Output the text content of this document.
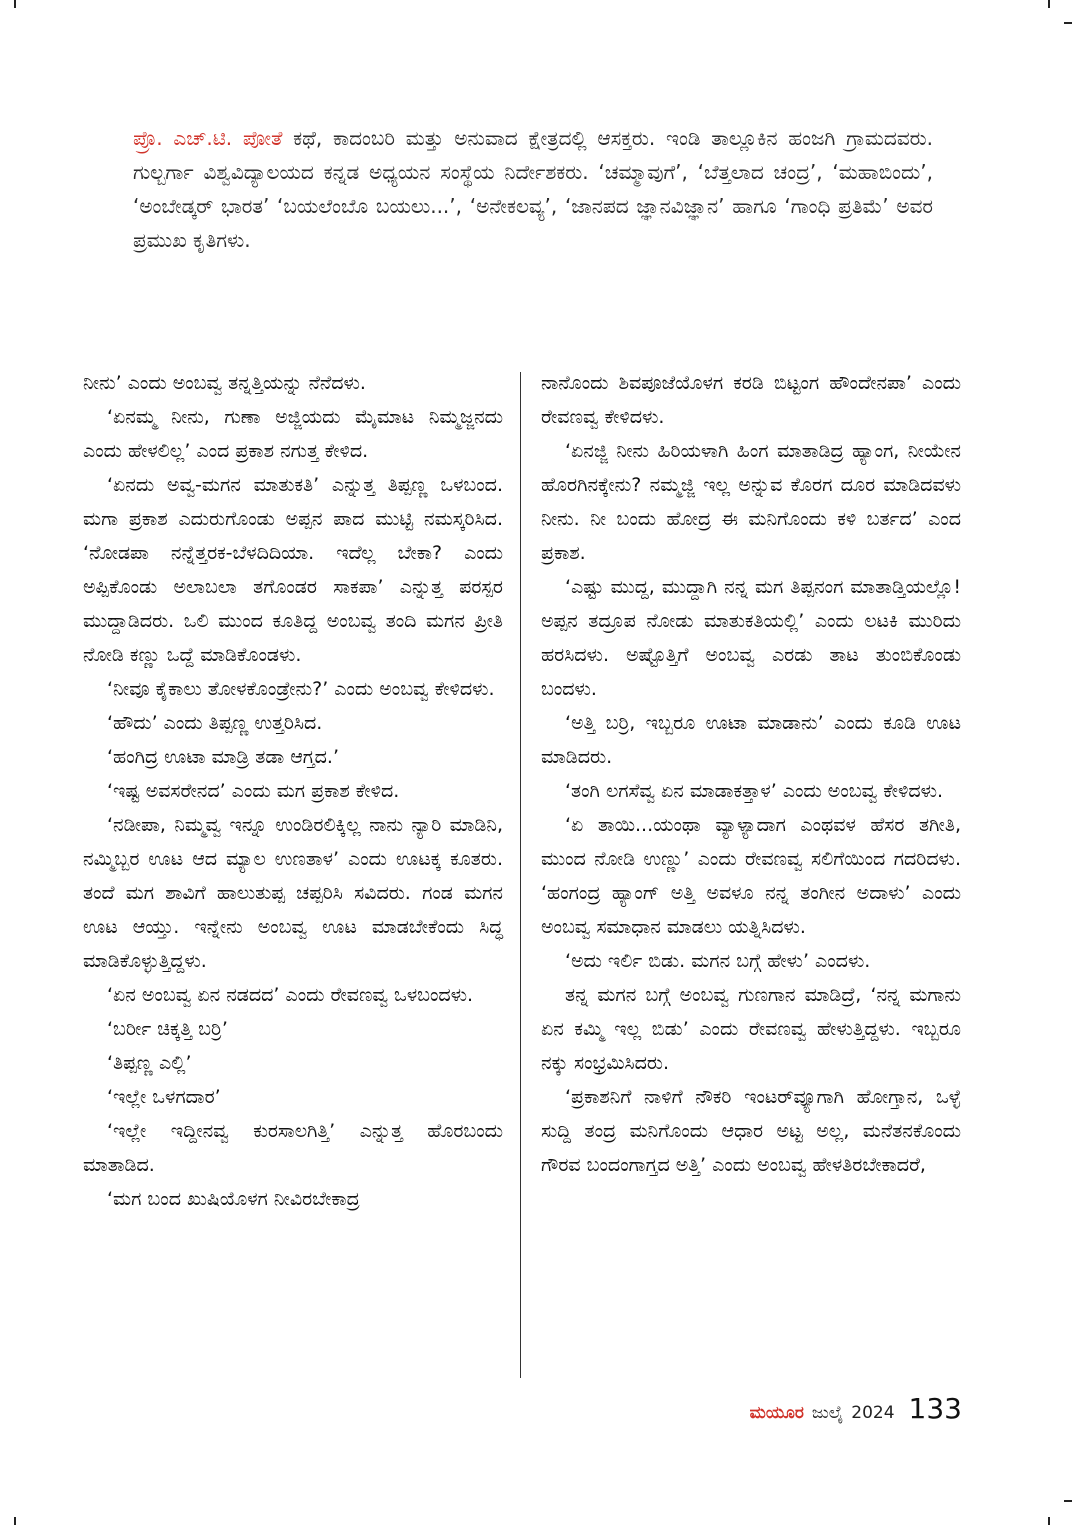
ಪ್ರೊ. ಎಚ್.ಟಿ. ಪೋತೆ ಕಥೆ, ಕಾದಂಬರಿ ಮತ್ತು ಅನುವಾದ ಕ್ಷೇತ್ರದಲ್ಲಿ ಆಸಕ್ತರು. ಇಂಡಿ ತಾಲ್ಲೂಕಿನ ಹಂಜಗಿ ಗ್ರಾಮದವರು. ಗುಲ್ಬರ್ಗಾ ವಿಶ್ವವಿದ್ಯಾಲಯದ ಕನ್ನಡ ಅಧ್ಯಯನ ಸಂಸ್ಥೆಯ ನಿರ್ದೇಶಕರು. ‘ಚಮ್ಮಾವುಗೆ’, ‘ಬೆತ್ತಲಾದ ಚಂದ್ರ’, ‘ಮಹಾಬಿಂದು’, ‘ಅಂಬೇಡ್ಕರ್ ಭಾರತ’ ‘ಬಯಲೆಂಬೊ ಬಯಲು...’, ‘ಅನೇಕಲವ್ಯ’, ‘ಜಾನಪದ ಜ್ಞಾನವಿಜ್ಞಾನ’ ಹಾಗೂ ‘ಗಾಂಧಿ ಪ್ರತಿಮೆ’ ಅವರ ಪ್ರಮುಖ ಕೃತಿಗಳು.

ನೀನು’ ಎಂದು ಅಂಬವ್ವ ತನ್ನತ್ತಿಯನ್ನು ನೆನೆದಳು.

‘ಏನಮ್ಮ ನೀನು, ಗುಣಾ ಅಜ್ಜಿಯದು ಮೈಮಾಟ ನಿಮ್ಮಜ್ಜನದು ಎಂದು ಹೇಳಲಿಲ್ಲ’ ಎಂದ ಪ್ರಕಾಶ ನಗುತ್ತ ಕೇಳಿದ.

‘ಏನದು ಅವ್ವ-ಮಗನ ಮಾತುಕತಿ’ ಎನ್ನುತ್ತ ತಿಪ್ಪಣ್ಣ ಒಳಬಂದ. ಮಗಾ ಪ್ರಕಾಶ ಎದುರುಗೊಂಡು ಅಪ್ಪನ ಪಾದ ಮುಟ್ಟಿ ನಮಸ್ಕರಿಸಿದ. ‘ನೋಡಪಾ ನನ್ನೆತ್ತರಕ-ಬೆಳದಿದಿಯಾ. ಇದೆಲ್ಲ ಬೇಕಾ? ಎಂದು ಅಪ್ಪಿಕೊಂಡು ಅಲಾಬಲಾ ತಗೊಂಡರ ಸಾಕಪಾ’ ಎನ್ನುತ್ತ ಪರಸ್ಪರ ಮುದ್ದಾಡಿದರು. ಒಲಿ ಮುಂದ ಕೂತಿದ್ದ ಅಂಬವ್ವ ತಂದಿ ಮಗನ ಪ್ರೀತಿ ನೋಡಿ ಕಣ್ಣು ಒದ್ದೆ ಮಾಡಿಕೊಂಡಳು.

‘ನೀವೂ ಕೈಕಾಲು ತೋಳಕೊಂಡ್ರೇನು?’ ಎಂದು ಅಂಬವ್ವ ಕೇಳಿದಳು.

‘ಹೌದು’ ಎಂದು ತಿಪ್ಪಣ್ಣ ಉತ್ತರಿಸಿದ.

‘ಹಂಗಿದ್ರ ಊಟಾ ಮಾಡ್ರಿ ತಡಾ ಆಗ್ತದ.’

‘ಇಷ್ಟ ಅವಸರೇನದ’ ಎಂದು ಮಗ ಪ್ರಕಾಶ ಕೇಳಿದ.

‘ನಡೀಪಾ, ನಿಮ್ಮವ್ವ ಇನ್ನೂ ಉಂಡಿರಲಿಕ್ಕಿಲ್ಲ ನಾನು ನ್ಯಾರಿ ಮಾಡಿನಿ, ನಮ್ಮಿಬ್ಬರ ಊಟ ಆದ ಮ್ಯಾಲ ಉಣತಾಳ’ ಎಂದು ಊಟಕ್ಕ ಕೂತರು. ತಂದೆ ಮಗ ಶಾವಿಗೆ ಹಾಲುತುಪ್ಪ ಚಪ್ಪರಿಸಿ ಸವಿದರು. ಗಂಡ ಮಗನ ಊಟ ಆಯ್ತು. ಇನ್ನೇನು ಅಂಬವ್ವ ಊಟ ಮಾಡಬೇಕೆಂದು ಸಿದ್ಧ ಮಾಡಿಕೊಳ್ಳುತ್ತಿದ್ದಳು.

‘ಏನ ಅಂಬವ್ವ ಏನ ನಡದದ’ ಎಂದು ರೇವಣವ್ವ ಒಳಬಂದಳು.

‘ಬರ್ರೀ ಚಿಕ್ಕತ್ತಿ ಬರ್ರಿ’

‘ತಿಪ್ಪಣ್ಣ ಎಲ್ಲಿ’

‘ಇಲ್ಲೇ ಒಳಗದಾರ’

‘ಇಲ್ಲೇ ಇದ್ದೀನವ್ವ ಕುರಸಾಲಗಿತ್ತಿ’ ಎನ್ನುತ್ತ ಹೊರಬಂದು ಮಾತಾಡಿದ.

‘ಮಗ ಬಂದ ಖುಷಿಯೊಳಗ ನೀವಿರಬೇಕಾದ್ರ

ನಾನೊಂದು ಶಿವಪೂಜೆಯೊಳಗ ಕರಡಿ ಬಿಟ್ಟಂಗ ಹೌಂದೇನಪಾ’ ಎಂದು ರೇವಣವ್ವ ಕೇಳಿದಳು.

‘ಏನಜ್ಜಿ ನೀನು ಹಿರಿಯಳಾಗಿ ಹಿಂಗ ಮಾತಾಡಿದ್ರ ಹ್ಯಾಂಗ, ನೀಯೇನ ಹೊರಗಿನಕ್ಕೇನು? ನಮ್ಮಜ್ಜಿ ಇಲ್ಲ ಅನ್ನುವ ಕೊರಗ ದೂರ ಮಾಡಿದವಳು ನೀನು. ನೀ ಬಂದು ಹೋದ್ರ ಈ ಮನಿಗೊಂದು ಕಳಿ ಬರ್ತದ’ ಎಂದ ಪ್ರಕಾಶ.

‘ಎಷ್ಟು ಮುದ್ದ, ಮುದ್ದಾಗಿ ನನ್ನ ಮಗ ತಿಪ್ಪನಂಗ ಮಾತಾಡ್ತಿಯಲ್ಲೊ! ಅಪ್ಪನ ತದ್ರೂಪ ನೋಡು ಮಾತುಕತಿಯಲ್ಲಿ’ ಎಂದು ಲಟಕಿ ಮುರಿದು ಹರಸಿದಳು. ಅಷ್ಟೊತ್ತಿಗೆ ಅಂಬವ್ವ ಎರಡು ತಾಟ ತುಂಬಿಕೊಂಡು ಬಂದಳು.

‘ಅತ್ತಿ ಬರ್ರಿ, ಇಬ್ಬರೂ ಊಟಾ ಮಾಡಾನು’ ಎಂದು ಕೂಡಿ ಊಟ ಮಾಡಿದರು.

‘ತಂಗಿ ಲಗಸೆವ್ವ ಏನ ಮಾಡಾಕತ್ತಾಳ’ ಎಂದು ಅಂಬವ್ವ ಕೇಳಿದಳು.

‘ಏ ತಾಯಿ...ಯಂಥಾ ವ್ಯಾಳ್ಯಾದಾಗ ಎಂಥವಳ ಹೆಸರ ತಗೀತಿ, ಮುಂದ ನೋಡಿ ಉಣ್ಣು’ ಎಂದು ರೇವಣವ್ವ ಸಲಿಗೆಯಿಂದ ಗದರಿದಳು. ‘ಹಂಗಂದ್ರ ಹ್ಯಾಂಗ್ ಅತ್ತಿ ಅವಳೂ ನನ್ನ ತಂಗೀನ ಅದಾಳು’ ಎಂದು ಅಂಬವ್ವ ಸಮಾಧಾನ ಮಾಡಲು ಯತ್ನಿಸಿದಳು.

‘ಅದು ಇರ್ಲಿ ಬಿಡು. ಮಗನ ಬಗ್ಗೆ ಹೇಳು’ ಎಂದಳು.

ತನ್ನ ಮಗನ ಬಗ್ಗೆ ಅಂಬವ್ವ ಗುಣಗಾನ ಮಾಡಿದ್ರೆ, ‘ನನ್ನ ಮಗಾನು ಏನ ಕಮ್ಮಿ ಇಲ್ಲ ಬಿಡು’ ಎಂದು ರೇವಣವ್ವ ಹೇಳುತ್ತಿದ್ದಳು. ಇಬ್ಬರೂ ನಕ್ಕು ಸಂಭ್ರಮಿಸಿದರು.

‘ಪ್ರಕಾಶನಿಗೆ ನಾಳಿಗೆ ನೌಕರಿ ಇಂಟರ್‌ವ್ಯೂಗಾಗಿ ಹೋಗ್ತಾನ, ಒಳ್ಳೆ ಸುದ್ದಿ ತಂದ್ರ ಮನಿಗೊಂದು ಆಧಾರ ಅಟ್ಟ ಅಲ್ಲ, ಮನೆತನಕೊಂದು ಗೌರವ ಬಂದಂಗಾಗ್ತದ ಅತ್ತಿ’ ಎಂದು ಅಂಬವ್ವ ಹೇಳತಿರಬೇಕಾದರೆ,

ಮಯೂರ ಜುಲೈ 2024 133
